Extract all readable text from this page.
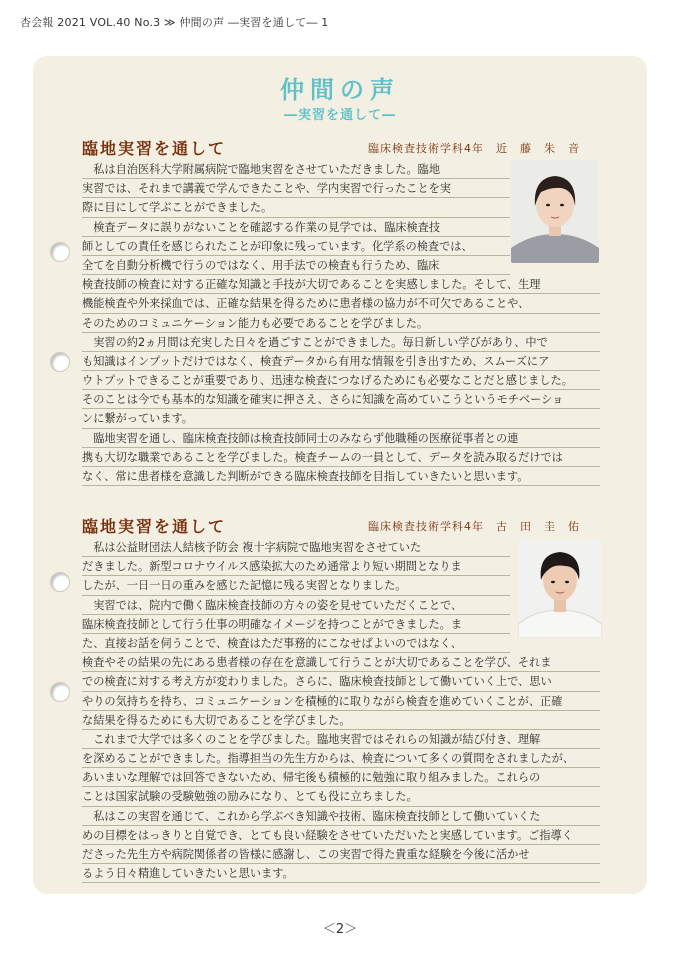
杏会報 2021 VOL.40 No.3 ≫ 仲間の声 ―実習を通して― 1
仲間の声
―実習を通して―
臨地実習を通して	臨床検査技術学科4年　近　藤　朱　音
　私は自治医科大学附属病院で臨地実習をさせていただきました。臨地
実習では、それまで講義で学んできたことや、学内実習で行ったことを実
際に目にして学ぶことができました。
　検査データに誤りがないことを確認する作業の見学では、臨床検査技
師としての責任を感じられたことが印象に残っています。化学系の検査では、
全てを自動分析機で行うのではなく、用手法での検査も行うため、臨床
検査技師の検査に対する正確な知識と手技が大切であることを実感しました。そして、生理
機能検査や外来採血では、正確な結果を得るために患者様の協力が不可欠であることや、
そのためのコミュニケーション能力も必要であることを学びました。
　実習の約2ヵ月間は充実した日々を過ごすことができました。毎日新しい学びがあり、中で
も知識はインプットだけではなく、検査データから有用な情報を引き出すため、スムーズにア
ウトプットできることが重要であり、迅速な検査につなげるためにも必要なことだと感じました。
そのことは今でも基本的な知識を確実に押さえ、さらに知識を高めていこうというモチベーショ
ンに繋がっています。
　臨地実習を通し、臨床検査技師は検査技師同士のみならず他職種の医療従事者との連
携も大切な職業であることを学びました。検査チームの一員として、データを読み取るだけでは
なく、常に患者様を意識した判断ができる臨床検査技師を目指していきたいと思います。
臨地実習を通して	臨床検査技術学科4年　古　田　圭　佑
　私は公益財団法人結核予防会 複十字病院で臨地実習をさせていた
だきました。新型コロナウイルス感染拡大のため通常より短い期間となりま
したが、一日一日の重みを感じた記憶に残る実習となりました。
　実習では、院内で働く臨床検査技師の方々の姿を見せていただくことで、
臨床検査技師として行う仕事の明確なイメージを持つことができました。ま
た、直接お話を伺うことで、検査はただ事務的にこなせばよいのではなく、
検査やその結果の先にある患者様の存在を意識して行うことが大切であることを学び、それま
での検査に対する考え方が変わりました。さらに、臨床検査技師として働いていく上で、思い
やりの気持ちを持ち、コミュニケーションを積極的に取りながら検査を進めていくことが、正確
な結果を得るためにも大切であることを学びました。
　これまで大学では多くのことを学びました。臨地実習ではそれらの知識が結び付き、理解
を深めることができました。指導担当の先生方からは、検査について多くの質問をされましたが、
あいまいな理解では回答できないため、帰宅後も積極的に勉強に取り組みました。これらの
ことは国家試験の受験勉強の励みになり、とても役に立ちました。
　私はこの実習を通じて、これから学ぶべき知識や技術、臨床検査技師として働いていくた
めの目標をはっきりと自覚でき、とても良い経験をさせていただいたと実感しています。ご指導く
ださった先生方や病院関係者の皆様に感謝し、この実習で得た貴重な経験を今後に活かせ
るよう日々精進していきたいと思います。
＜2＞
